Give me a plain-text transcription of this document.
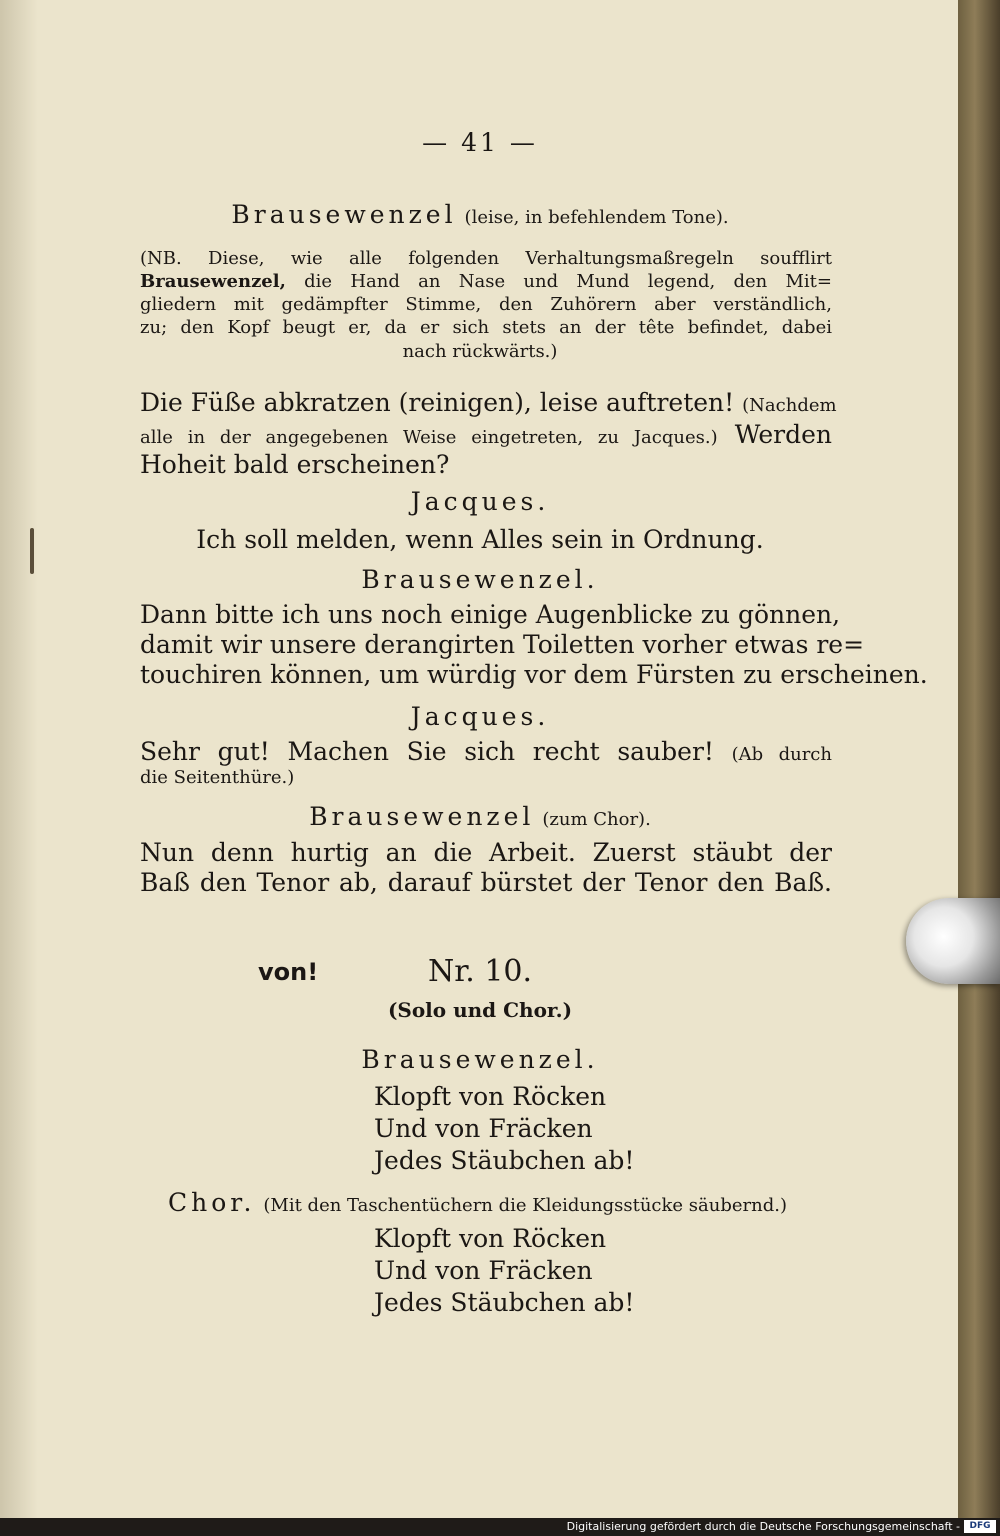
— 41 —
Brausewenzel (leise, in befehlendem Tone).
(NB. Diese, wie alle folgenden Verhaltungsmaßregeln soufflirt
Brausewenzel, die Hand an Nase und Mund legend, den Mit=
gliedern mit gedämpfter Stimme, den Zuhörern aber verständlich,
zu; den Kopf beugt er, da er sich stets an der tête befindet, dabei
nach rückwärts.)
Die Füße abkratzen (reinigen), leise auftreten! (Nachdem
alle in der angegebenen Weise eingetreten, zu Jacques.) Werden
Hoheit bald erscheinen?
Jacques.
Ich soll melden, wenn Alles sein in Ordnung.
Brausewenzel.
Dann bitte ich uns noch einige Augenblicke zu gönnen,
damit wir unsere derangirten Toiletten vorher etwas re=
touchiren können, um würdig vor dem Fürsten zu erscheinen.
Jacques.
Sehr gut! Machen Sie sich recht sauber! (Ab durch
die Seitenthüre.)
Brausewenzel (zum Chor).
Nun denn hurtig an die Arbeit. Zuerst stäubt der
Baß den Tenor ab, darauf bürstet der Tenor den Baß.
von!	Nr. 10.
(Solo und Chor.)
Brausewenzel.
Klopft von Röcken
Und von Fräcken
Jedes Stäubchen ab!
Chor. (Mit den Taschentüchern die Kleidungsstücke säubernd.)
Klopft von Röcken
Und von Fräcken
Jedes Stäubchen ab!
Digitalisierung gefördert durch die Deutsche Forschungsgemeinschaft -	DFG
